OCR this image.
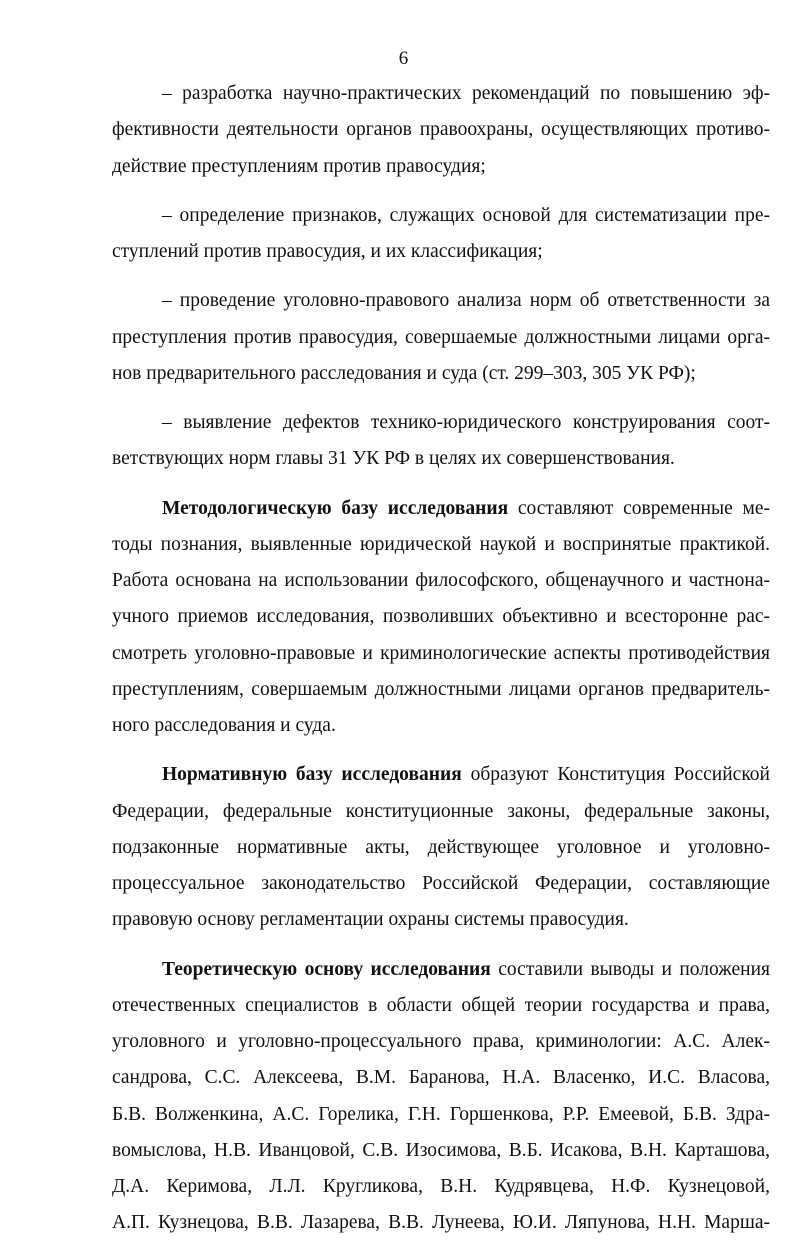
6
– разработка научно-практических рекомендаций по повышению эф-
фективности деятельности органов правоохраны, осуществляющих противо-
действие преступлениям против правосудия;
– определение признаков, служащих основой для систематизации пре-
ступлений против правосудия, и их классификация;
– проведение уголовно-правового анализа норм об ответственности за
преступления против правосудия, совершаемые должностными лицами орга-
нов предварительного расследования и суда (ст. 299–303, 305 УК РФ);
– выявление дефектов технико-юридического конструирования соот-
ветствующих норм главы 31 УК РФ в целях их совершенствования.
Методологическую базу исследования составляют современные ме-
тоды познания, выявленные юридической наукой и воспринятые практикой.
Работа основана на использовании философского, общенаучного и частнона-
учного приемов исследования, позволивших объективно и всесторонне рас-
смотреть уголовно-правовые и криминологические аспекты противодействия
преступлениям, совершаемым должностными лицами органов предваритель-
ного расследования и суда.
Нормативную базу исследования образуют Конституция Российской
Федерации, федеральные конституционные законы, федеральные законы,
подзаконные нормативные акты, действующее уголовное и уголовно-
процессуальное законодательство Российской Федерации, составляющие
правовую основу регламентации охраны системы правосудия.
Теоретическую основу исследования составили выводы и положения
отечественных специалистов в области общей теории государства и права,
уголовного и уголовно-процессуального права, криминологии: А.С. Алек-
сандрова, С.С. Алексеева, В.М. Баранова, Н.А. Власенко, И.С. Власова,
Б.В. Волженкина, А.С. Горелика, Г.Н. Горшенкова, Р.Р. Емеевой, Б.В. Здра-
вомыслова, Н.В. Иванцовой, С.В. Изосимова, В.Б. Исакова, В.Н. Карташова,
Д.А. Керимова, Л.Л. Кругликова, В.Н. Кудрявцева, Н.Ф. Кузнецовой,
А.П. Кузнецова, В.В. Лазарева, В.В. Лунеева, Ю.И. Ляпунова, Н.Н. Марша-
